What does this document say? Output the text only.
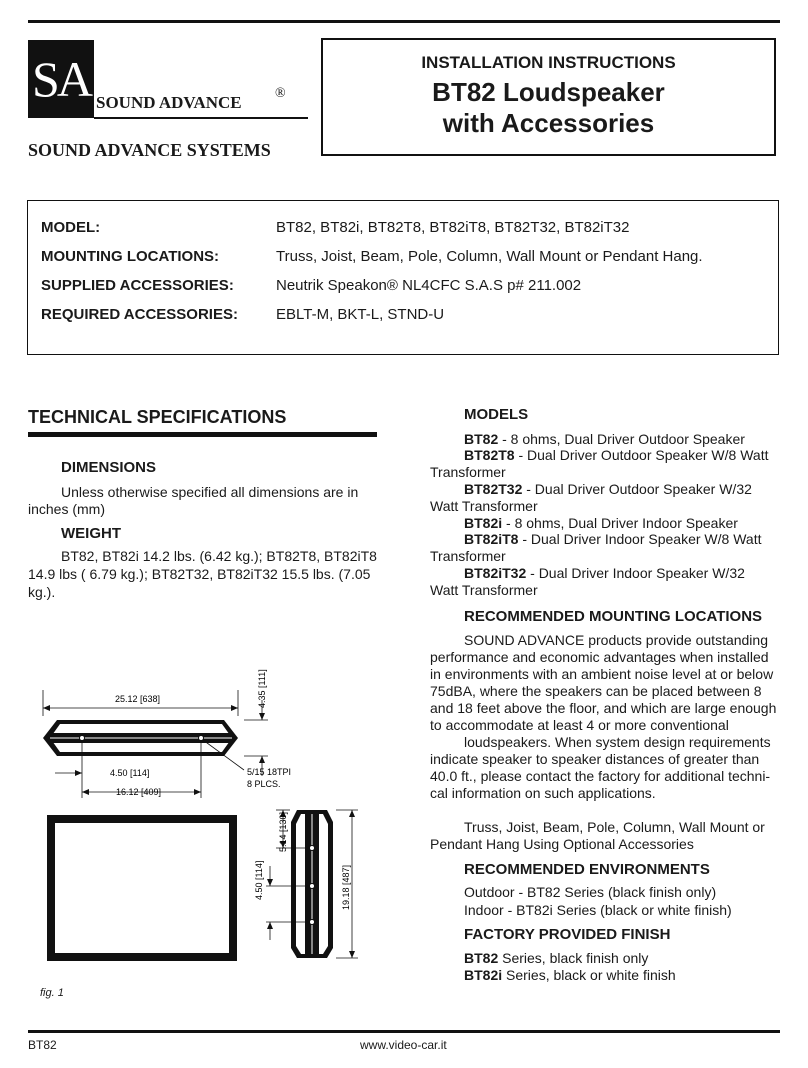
SA SOUND ADVANCE ®
SOUND ADVANCE SYSTEMS
INSTALLATION INSTRUCTIONS
BT82 Loudspeaker
with Accessories
MODEL:	BT82, BT82i, BT82T8, BT82iT8, BT82T32, BT82iT32
MOUNTING LOCATIONS:	Truss, Joist, Beam, Pole, Column, Wall Mount or Pendant Hang.
SUPPLIED ACCESSORIES:	Neutrik Speakon® NL4CFC S.A.S p# 211.002
REQUIRED ACCESSORIES:	EBLT-M, BKT-L, STND-U
TECHNICAL SPECIFICATIONS
DIMENSIONS
Unless otherwise specified all dimensions are in
inches (mm)
WEIGHT
BT82, BT82i 14.2 lbs. (6.42 kg.); BT82T8, BT82iT8
14.9 lbs ( 6.79 kg.); BT82T32, BT82iT32 15.5 lbs. (7.05
kg.).
25.12 [638]	4.35 [111]
4.50 [114]
16.12 [409]
5/15 18TPI
8 PLCS.
5.14 [130]
4.50 [114]	19.18 [487]
fig. 1
MODELS
BT82 - 8 ohms, Dual Driver Outdoor Speaker
BT82T8 - Dual Driver Outdoor Speaker W/8 Watt
Transformer
BT82T32 - Dual Driver Outdoor Speaker W/32
Watt Transformer
BT82i - 8 ohms, Dual Driver Indoor Speaker
BT82iT8 - Dual Driver Indoor Speaker W/8 Watt
Transformer
BT82iT32 - Dual Driver Indoor Speaker W/32
Watt Transformer
RECOMMENDED MOUNTING LOCATIONS
SOUND ADVANCE products provide outstanding
performance and economic advantages when installed
in environments with an ambient noise level at or below
75dBA, where the speakers can be placed between 8
and 18 feet above the floor, and which are large enough
to accommodate at least 4 or more conventional
loudspeakers. When system design requirements
indicate speaker to speaker distances of greater than
40.0 ft., please contact the factory for additional techni-
cal information on such applications.
Truss, Joist, Beam, Pole, Column, Wall Mount or
Pendant Hang Using Optional Accessories
RECOMMENDED ENVIRONMENTS
Outdoor - BT82 Series (black finish only)
Indoor - BT82i Series (black or white finish)
FACTORY PROVIDED FINISH
BT82 Series, black finish only
BT82i Series, black or white finish
BT82	www.video-car.it
